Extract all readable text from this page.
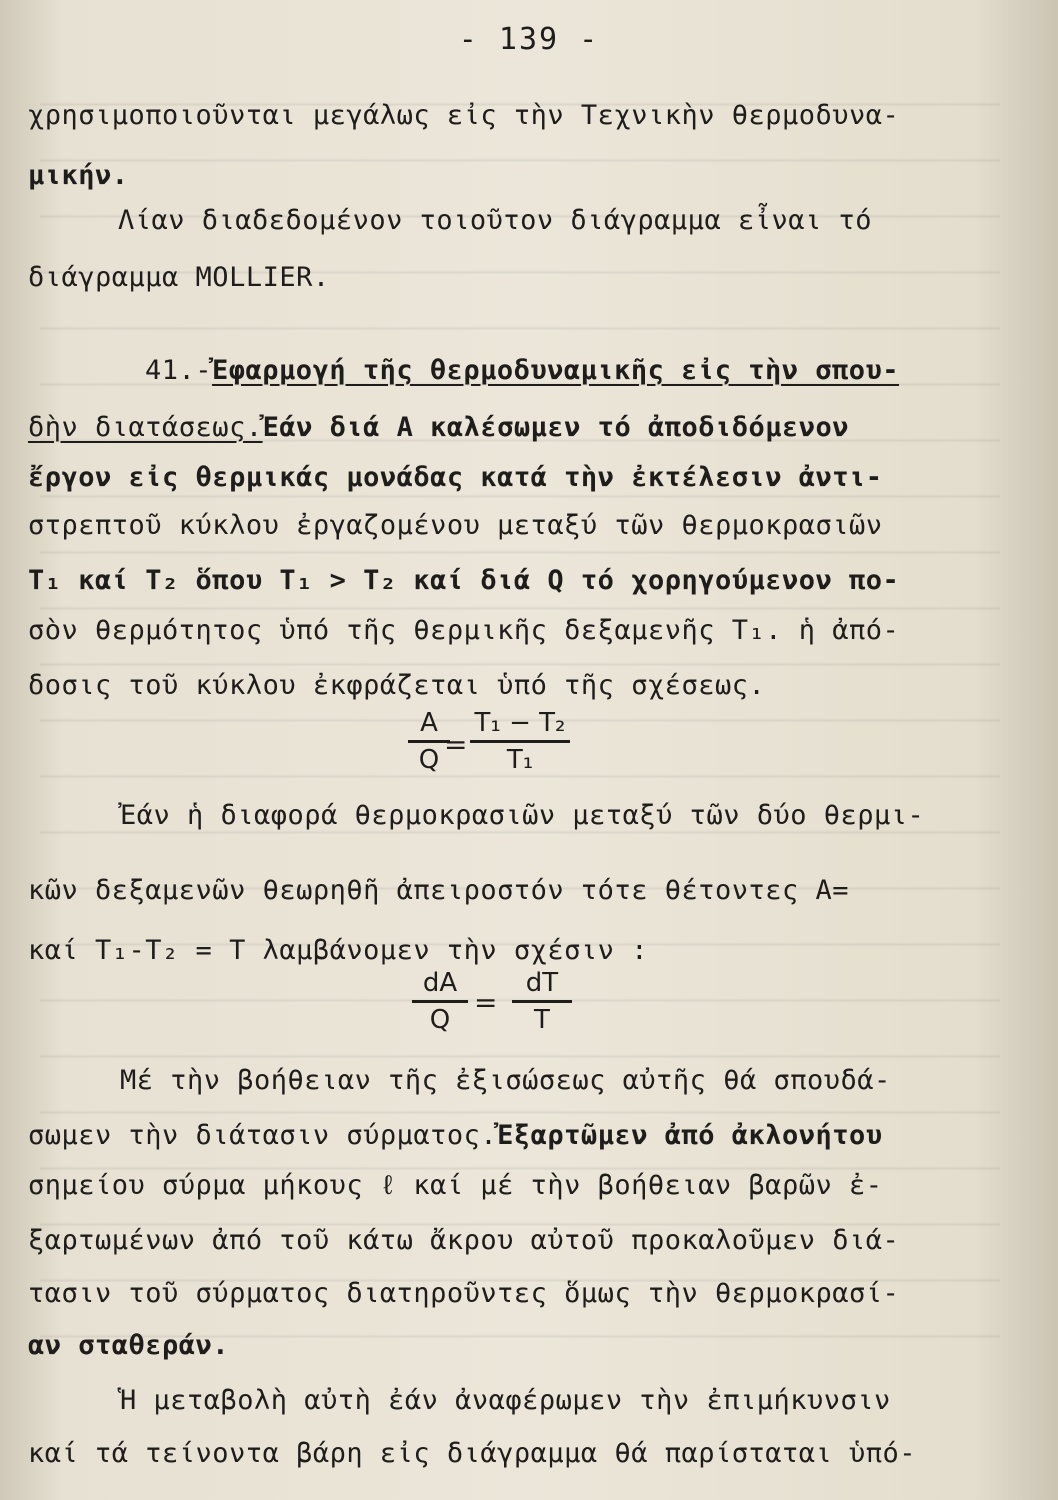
- 139 -
χρησιμοποιοῦνται μεγάλως εἰς τὴν Τεχνικὴν θερμοδυνα-
μικήν.
Λίαν διαδεδομένον τοιοῦτον διάγραμμα εἶναι τό
διάγραμμα MOLLIER.
41.-Ἐφαρμογή τῆς θερμοδυναμικῆς εἰς τὴν σπου-
δὴν διατάσεως.Ἐάν διά A καλέσωμεν τό ἀποδιδόμενον
ἔργον εἰς θερμικάς μονάδας κατά τὴν ἐκτέλεσιν ἀντι-
στρεπτοῦ κύκλου ἐργαζομένου μεταξύ τῶν θερμοκρασιῶν
T₁ καί T₂ ὅπου T₁ > T₂ καί διά Q τό χορηγούμενον πο-
σὸν θερμότητος ὑπό τῆς θερμικῆς δεξαμενῆς T₁. ἡ ἀπό-
δοσις τοῦ κύκλου ἐκφράζεται ὑπό τῆς σχέσεως.
A
Q =
T₁ − T₂
T₁
Ἐάν ἡ διαφορά θερμοκρασιῶν μεταξύ τῶν δύο θερμι-
κῶν δεξαμενῶν θεωρηθῆ ἀπειροστόν τότε θέτοντες A=
καί T₁-T₂ = T λαμβάνομεν τὴν σχέσιν :
dA
Q
=
dT
T
Μέ τὴν βοήθειαν τῆς ἐξισώσεως αὐτῆς θά σπουδά-
σωμεν τὴν διάτασιν σύρματος.Ἐξαρτῶμεν ἀπό ἀκλονήτου
σημείου σύρμα μήκους ℓ καί μέ τὴν βοήθειαν βαρῶν ἐ-
ξαρτωμένων ἀπό τοῦ κάτω ἄκρου αὐτοῦ προκαλοῦμεν διά-
τασιν τοῦ σύρματος διατηροῦντες ὅμως τὴν θερμοκρασί-
αν σταθεράν.
Ἡ μεταβολὴ αὐτὴ ἐάν ἀναφέρωμεν τὴν ἐπιμήκυνσιν
καί τά τείνοντα βάρη εἰς διάγραμμα θά παρίσταται ὑπό-
